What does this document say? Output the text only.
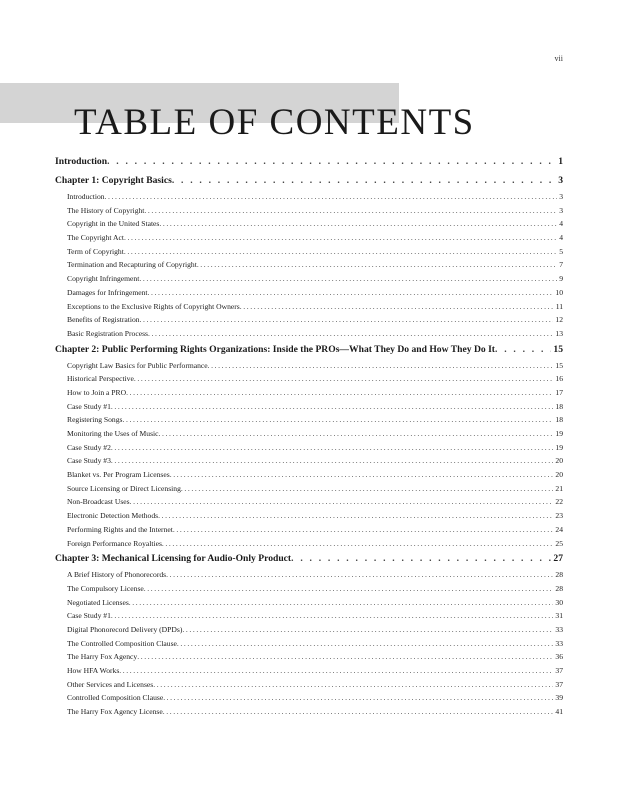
vii
TABLE OF CONTENTS
Introduction . . .	1
Chapter 1: Copyright Basics . . .	3
Introduction .....	3
The History of Copyright .....	3
Copyright in the United States .....	4
The Copyright Act .....	4
Term of Copyright .....	5
Termination and Recapturing of Copyright .....	7
Copyright Infringement .....	9
Damages for Infringement .....	10
Exceptions to the Exclusive Rights of Copyright Owners .....	11
Benefits of Registration .....	12
Basic Registration Process .....	13
Chapter 2: Public Performing Rights Organizations: Inside the PROs—What They Do and How They Do It . . .	15
Copyright Law Basics for Public Performance .....	15
Historical Perspective .....	16
How to Join a PRO .....	17
Case Study #1 .....	18
Registering Songs .....	18
Monitoring the Uses of Music .....	19
Case Study #2 .....	19
Case Study #3 .....	20
Blanket vs. Per Program Licenses .....	20
Source Licensing or Direct Licensing .....	21
Non-Broadcast Uses .....	22
Electronic Detection Methods .....	23
Performing Rights and the Internet .....	24
Foreign Performance Royalties .....	25
Chapter 3: Mechanical Licensing for Audio-Only Product . . .	27
A Brief History of Phonorecords .....	28
The Compulsory License .....	28
Negotiated Licenses .....	30
Case Study #1 .....	31
Digital Phonorecord Delivery (DPDs) .....	33
The Controlled Composition Clause .....	33
The Harry Fox Agency .....	36
How HFA Works .....	37
Other Services and Licenses .....	37
Controlled Composition Clause .....	39
The Harry Fox Agency License .....	41
